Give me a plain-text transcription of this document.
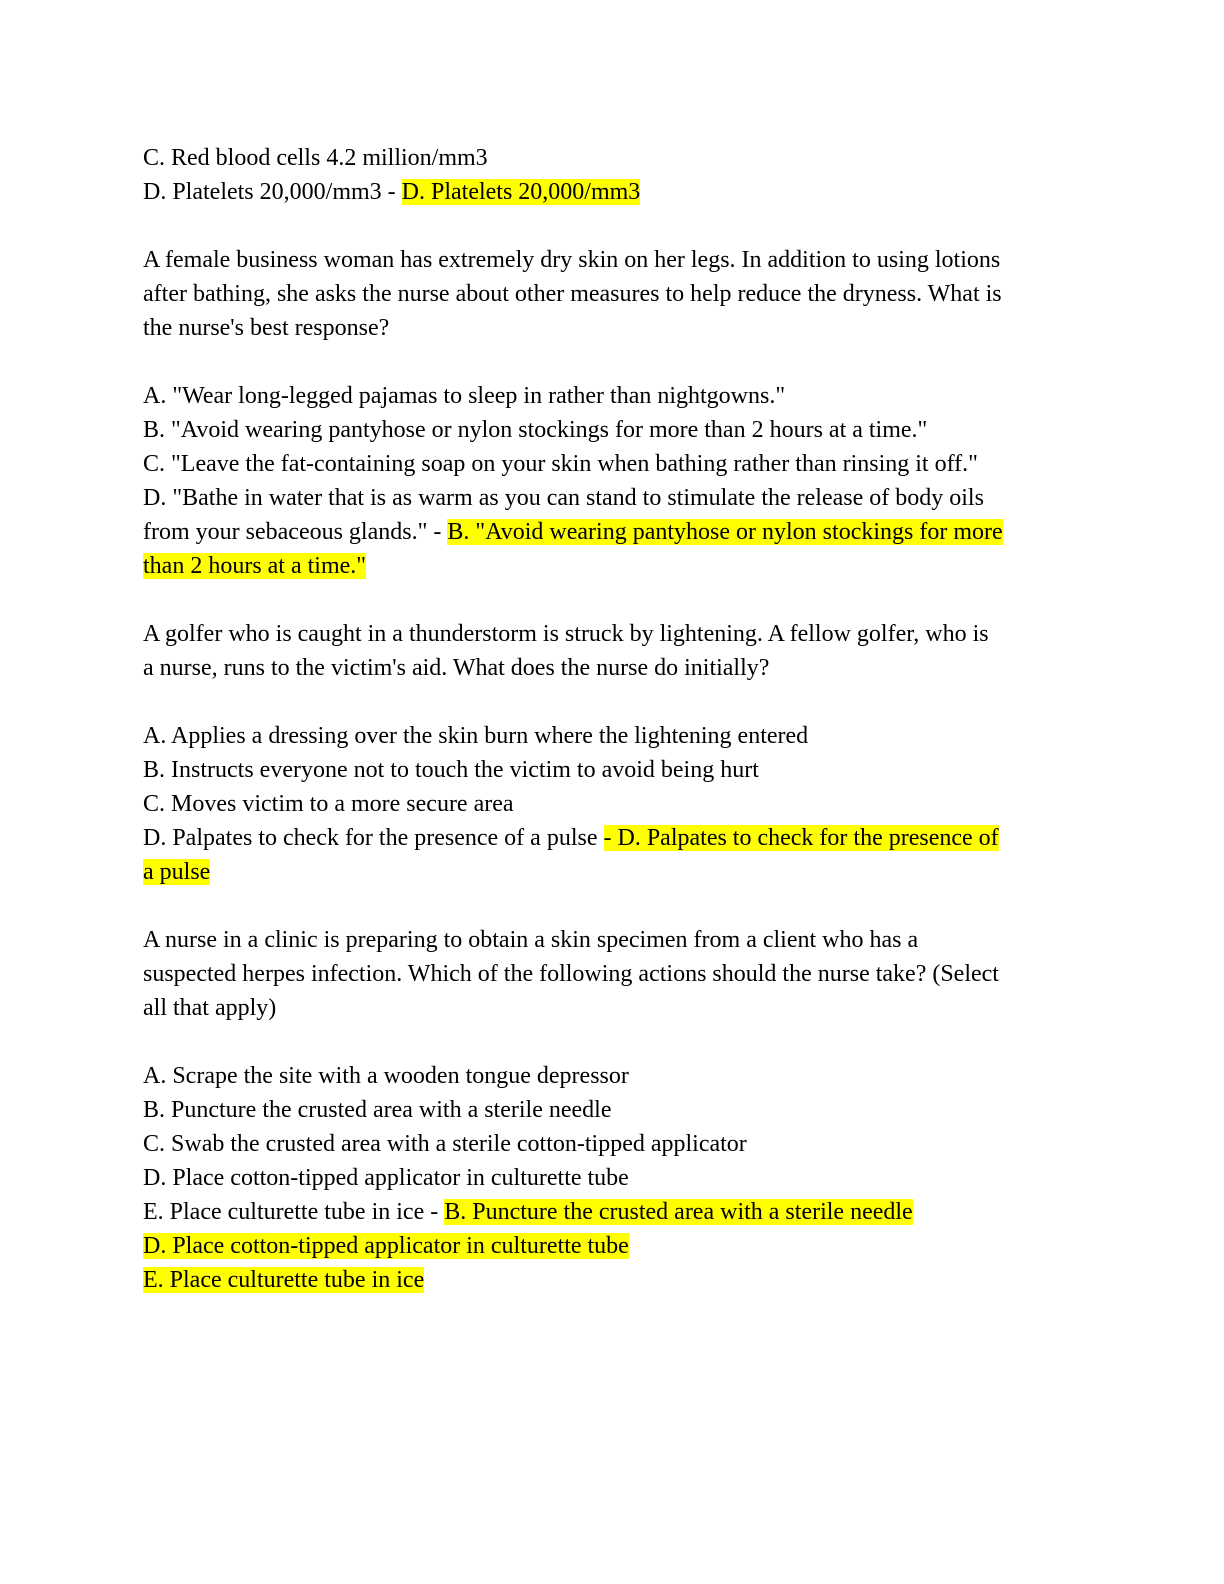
C. Red blood cells 4.2 million/mm3
D. Platelets 20,000/mm3 - D. Platelets 20,000/mm3
A female business woman has extremely dry skin on her legs. In addition to using lotions
after bathing, she asks the nurse about other measures to help reduce the dryness. What is
the nurse's best response?
A. "Wear long-legged pajamas to sleep in rather than nightgowns."
B. "Avoid wearing pantyhose or nylon stockings for more than 2 hours at a time."
C. "Leave the fat-containing soap on your skin when bathing rather than rinsing it off."
D. "Bathe in water that is as warm as you can stand to stimulate the release of body oils
from your sebaceous glands." - B. "Avoid wearing pantyhose or nylon stockings for more
than 2 hours at a time."
A golfer who is caught in a thunderstorm is struck by lightening. A fellow golfer, who is
a nurse, runs to the victim's aid. What does the nurse do initially?
A. Applies a dressing over the skin burn where the lightening entered
B. Instructs everyone not to touch the victim to avoid being hurt
C. Moves victim to a more secure area
D. Palpates to check for the presence of a pulse - D. Palpates to check for the presence of
a pulse
A nurse in a clinic is preparing to obtain a skin specimen from a client who has a
suspected herpes infection. Which of the following actions should the nurse take? (Select
all that apply)
A. Scrape the site with a wooden tongue depressor
B. Puncture the crusted area with a sterile needle
C. Swab the crusted area with a sterile cotton-tipped applicator
D. Place cotton-tipped applicator in culturette tube
E. Place culturette tube in ice - B. Puncture the crusted area with a sterile needle
D. Place cotton-tipped applicator in culturette tube
E. Place culturette tube in ice
